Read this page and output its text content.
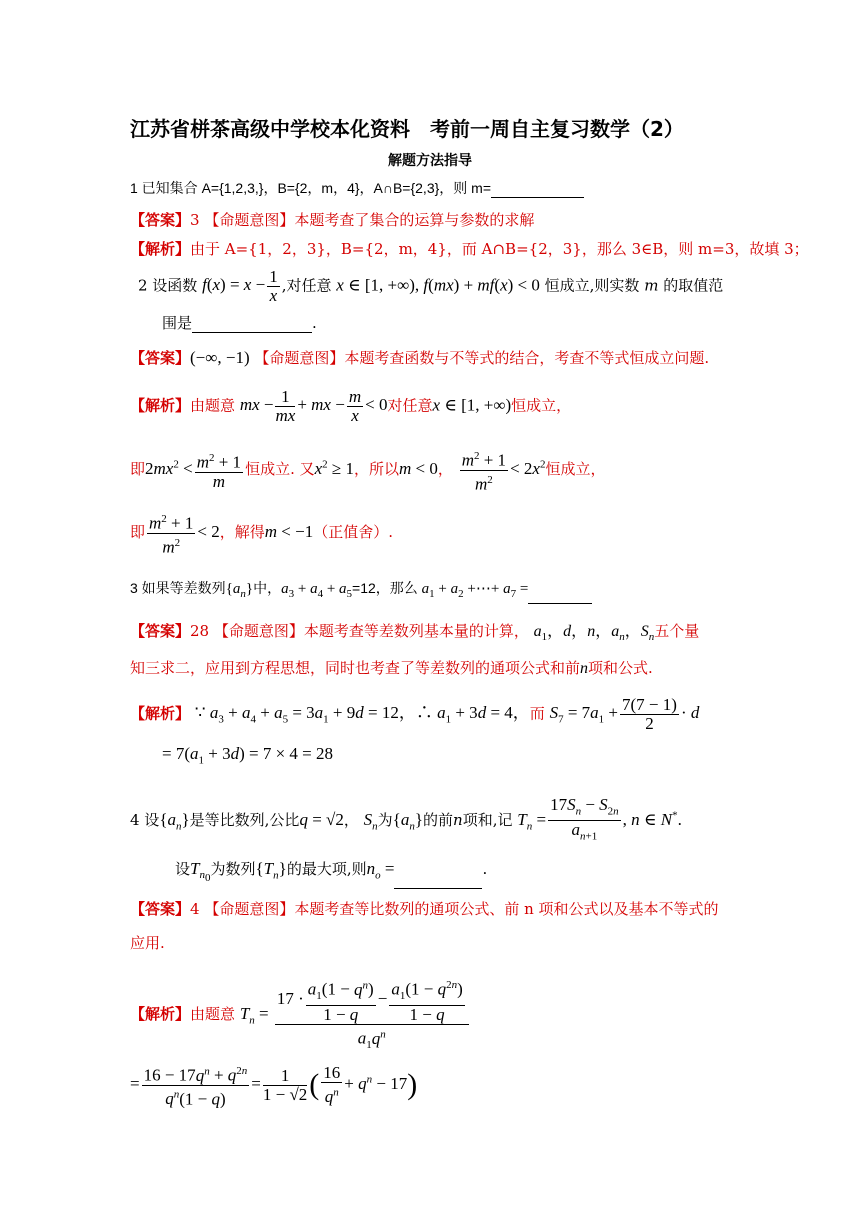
江苏省栟茶高级中学校本化资料　考前一周自主复习数学（2）
解题方法指导
1 已知集合 A={1,2,3,}，B={2，m，4}，A∩B={2,3}，则 m=
【答案】3 【命题意图】本题考查了集合的运算与参数的求解
【解析】由于 A={1，2，3}，B={2，m，4}，而 A∩B={2，3}，那么 3∈B，则 m=3，故填 3；
2 设函数 $f(x) = x - \frac{1}{x}$ ,对任意 x ∈ [1, +∞), f(mx) + mf(x) < 0 恒成立,则实数 m 的取值范
围是	.
【答案】(−∞, −1) 【命题意图】本题考查函数与不等式的结合，考查不等式恒成立问题.
【解析】由题意 mx − $\frac{1}{mx}$ + mx − $\frac{m}{x} < 0$对任意x ∈ [1, +∞)恒成立，
即$2mx^2 < \frac{m^2 + 1}{m}$ 恒成立. 又$x^2 \ge 1$，所以m < 0， $\frac{m^2 + 1}{m^2} < 2x^2$恒成立，
即 $\frac{m^2 + 1}{m^2} < 2$，解得m < −1（正值舍）.
3 如果等差数列$\{a_n\}$中，$a_3 + a_4 + a_5=12$，那么 $a_1 + a_2$ +⋯+ $a_7$ =
【答案】28 【命题意图】本题考查等差数列基本量的计算， $a_1$，d，n，$a_n$，$S_n$五个量
知三求二，应用到方程思想，同时也考查了等差数列的通项公式和前n项和公式.
【解析】 ∵ $a_3 + a_4 + a_5 = 3a_1 + 9d = 12$，∴ $a_1 + 3d = 4$，而 $S_7 = 7a_1 + \frac{7(7 - 1)}{2} \cdot d$
= $7(a_1 + 3d) = 7 \times 4 = 28$
4 设$\{a_n\}$是等比数列,公比q = √2， $S_n$为$\{a_n\}$的前n项和,记 $T_n = \frac{17S_n - S_{2n}}{a_{n+1}}$ , n ∈ N*.
设$T_{n_0}$为数列$\{T_n\}$的最大项,则$n_o$ =	.
【答案】4 【命题意图】本题考查等比数列的通项公式、前 n 项和公式以及基本不等式的
应用.
【解析】由题意 $T_n = \frac{17 \cdot \frac{a_1(1 - q^n)}{1 - q} - \frac{a_1(1 - q^{2n})}{1 - q}}{a_1q^n}$
= $\frac{16 - 17q^n + q^{2n}}{q^n(1 - q)} = \frac{1}{1 - √2}$ ( $\frac{16}{q^n} + q^n - 17$)
